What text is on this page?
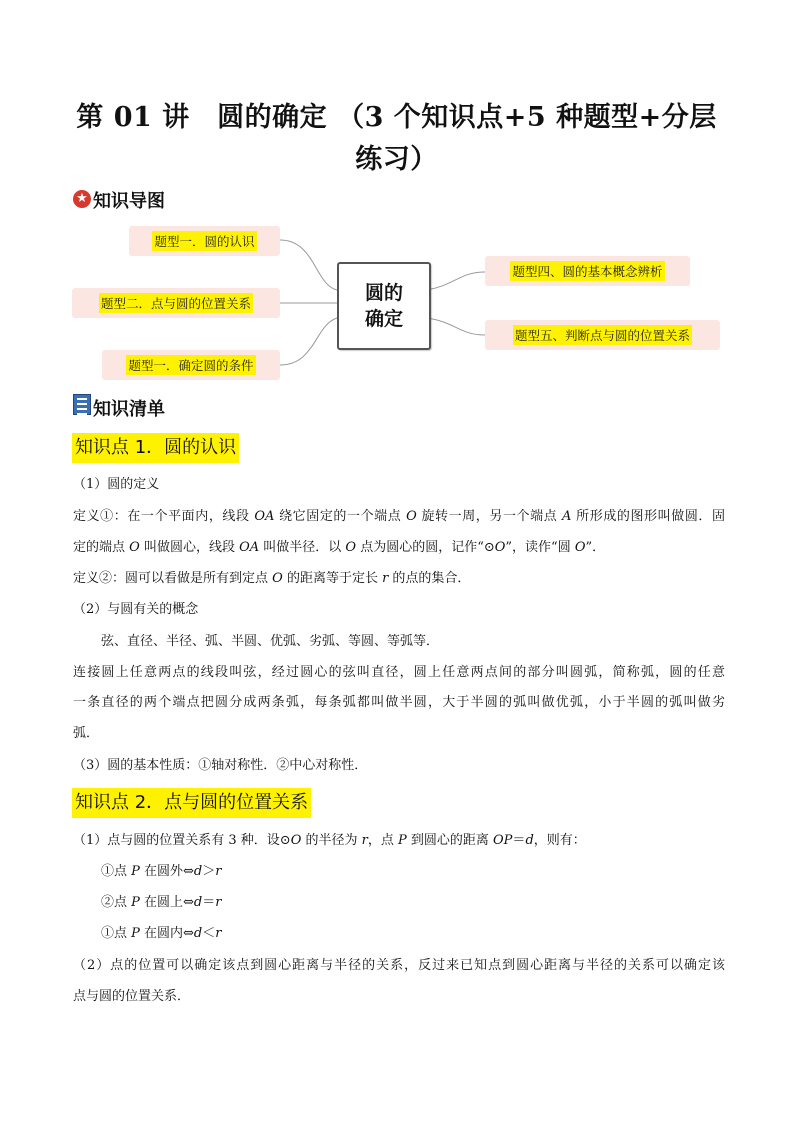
第 01 讲　圆的确定 （3 个知识点+5 种题型+分层
练习）
★ 知识导图
题型一．圆的认识
题型二．点与圆的位置关系
题型一．确定圆的条件
圆的
确定
题型四、圆的基本概念辨析
题型五、判断点与圆的位置关系
知识清单
知识点 1．圆的认识
（1）圆的定义
定义①：在一个平面内，线段 OA 绕它固定的一个端点 O 旋转一周，另一个端点 A 所形成的图形叫做圆．固
定的端点 O 叫做圆心，线段 OA 叫做半径．以 O 点为圆心的圆，记作“⊙O”，读作“圆 O”．
定义②：圆可以看做是所有到定点 O 的距离等于定长 r 的点的集合．
（2）与圆有关的概念
弦、直径、半径、弧、半圆、优弧、劣弧、等圆、等弧等．
连接圆上任意两点的线段叫弦，经过圆心的弦叫直径，圆上任意两点间的部分叫圆弧，简称弧，圆的任意
一条直径的两个端点把圆分成两条弧，每条弧都叫做半圆，大于半圆的弧叫做优弧，小于半圆的弧叫做劣
弧．
（3）圆的基本性质：①轴对称性．②中心对称性．
知识点 2．点与圆的位置关系
（1）点与圆的位置关系有 3 种．设⊙O 的半径为 r，点 P 到圆心的距离 OP＝d，则有：
①点 P 在圆外⇔d＞r
②点 P 在圆上⇔d＝r
①点 P 在圆内⇔d＜r
（2）点的位置可以确定该点到圆心距离与半径的关系，反过来已知点到圆心距离与半径的关系可以确定该
点与圆的位置关系．
